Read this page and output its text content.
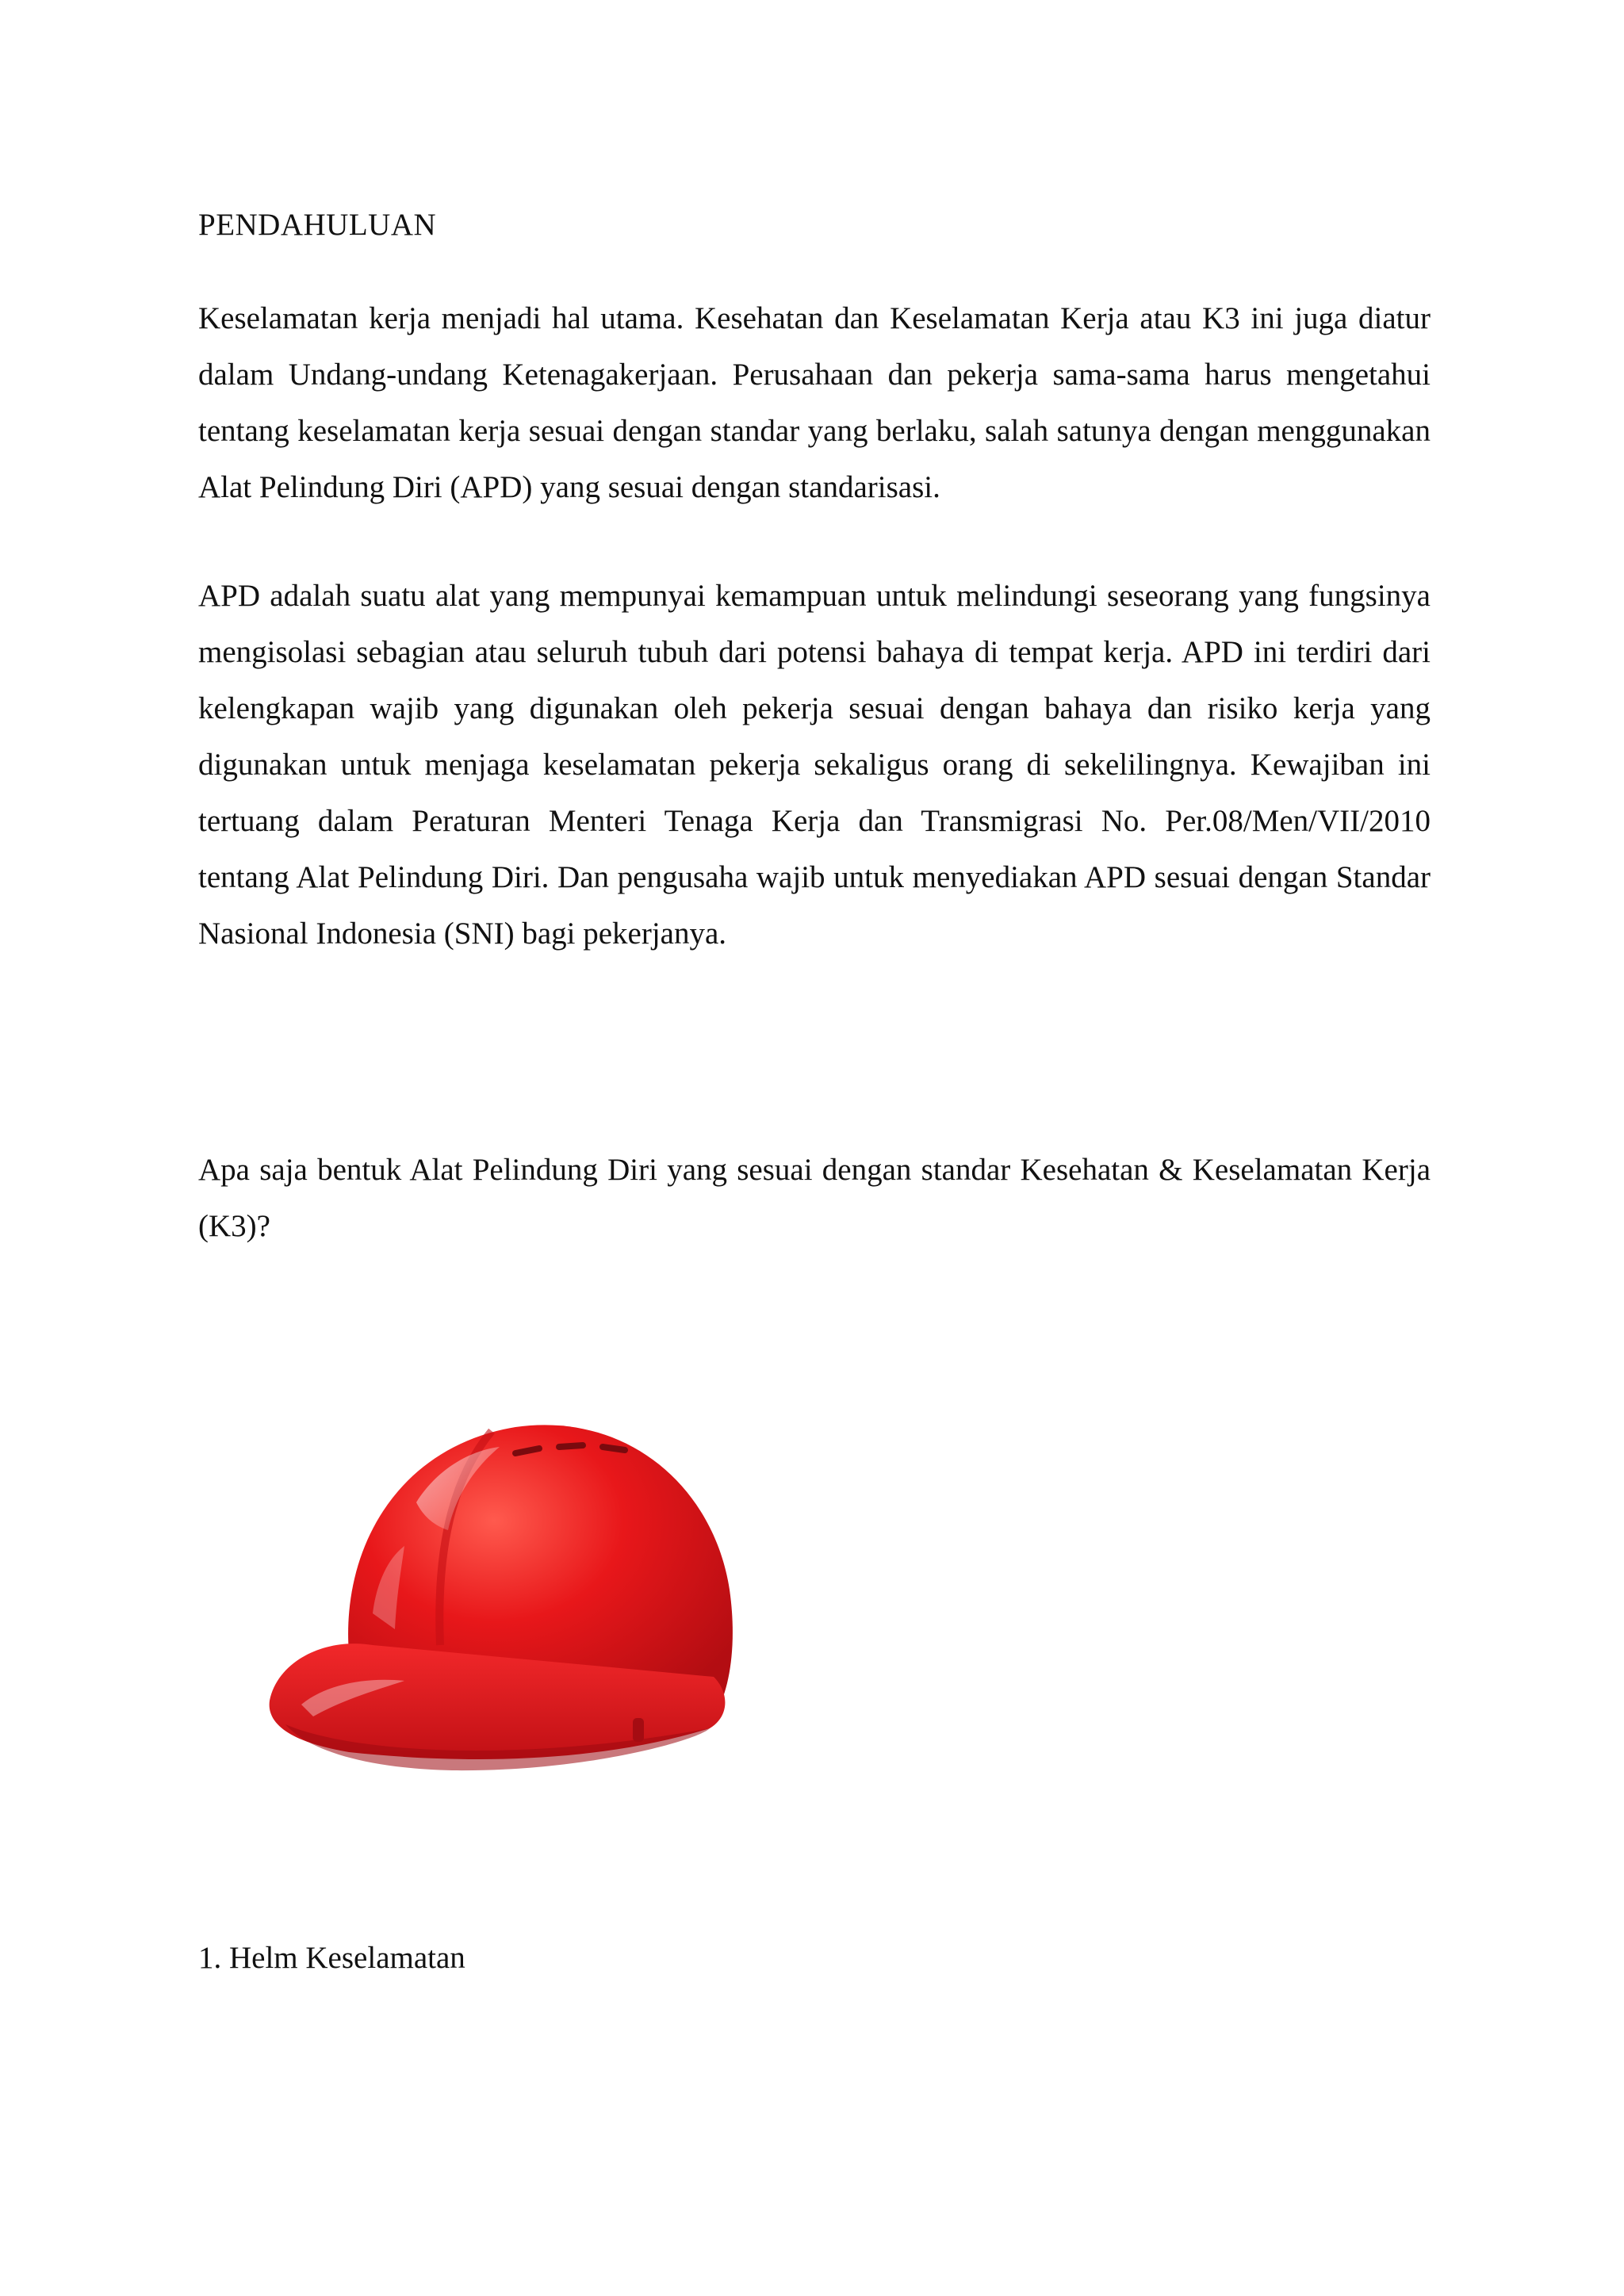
PENDAHULUAN

Keselamatan kerja menjadi hal utama. Kesehatan dan Keselamatan Kerja atau K3 ini juga diatur dalam Undang-undang Ketenagakerjaan. Perusahaan dan pekerja sama-sama harus mengetahui tentang keselamatan kerja sesuai dengan standar yang berlaku, salah satunya dengan menggunakan Alat Pelindung Diri (APD) yang sesuai dengan standarisasi.

APD adalah suatu alat yang mempunyai kemampuan untuk melindungi seseorang yang fungsinya mengisolasi sebagian atau seluruh tubuh dari potensi bahaya di tempat kerja. APD ini terdiri dari kelengkapan wajib yang digunakan oleh pekerja sesuai dengan bahaya dan risiko kerja yang digunakan untuk menjaga keselamatan pekerja sekaligus orang di sekelilingnya. Kewajiban ini tertuang dalam Peraturan Menteri Tenaga Kerja dan Transmigrasi No. Per.08/Men/VII/2010 tentang Alat Pelindung Diri. Dan pengusaha wajib untuk menyediakan APD sesuai dengan Standar Nasional Indonesia (SNI) bagi pekerjanya.

Apa saja bentuk Alat Pelindung Diri yang sesuai dengan standar Kesehatan & Keselamatan Kerja (K3)?

1. Helm Keselamatan
